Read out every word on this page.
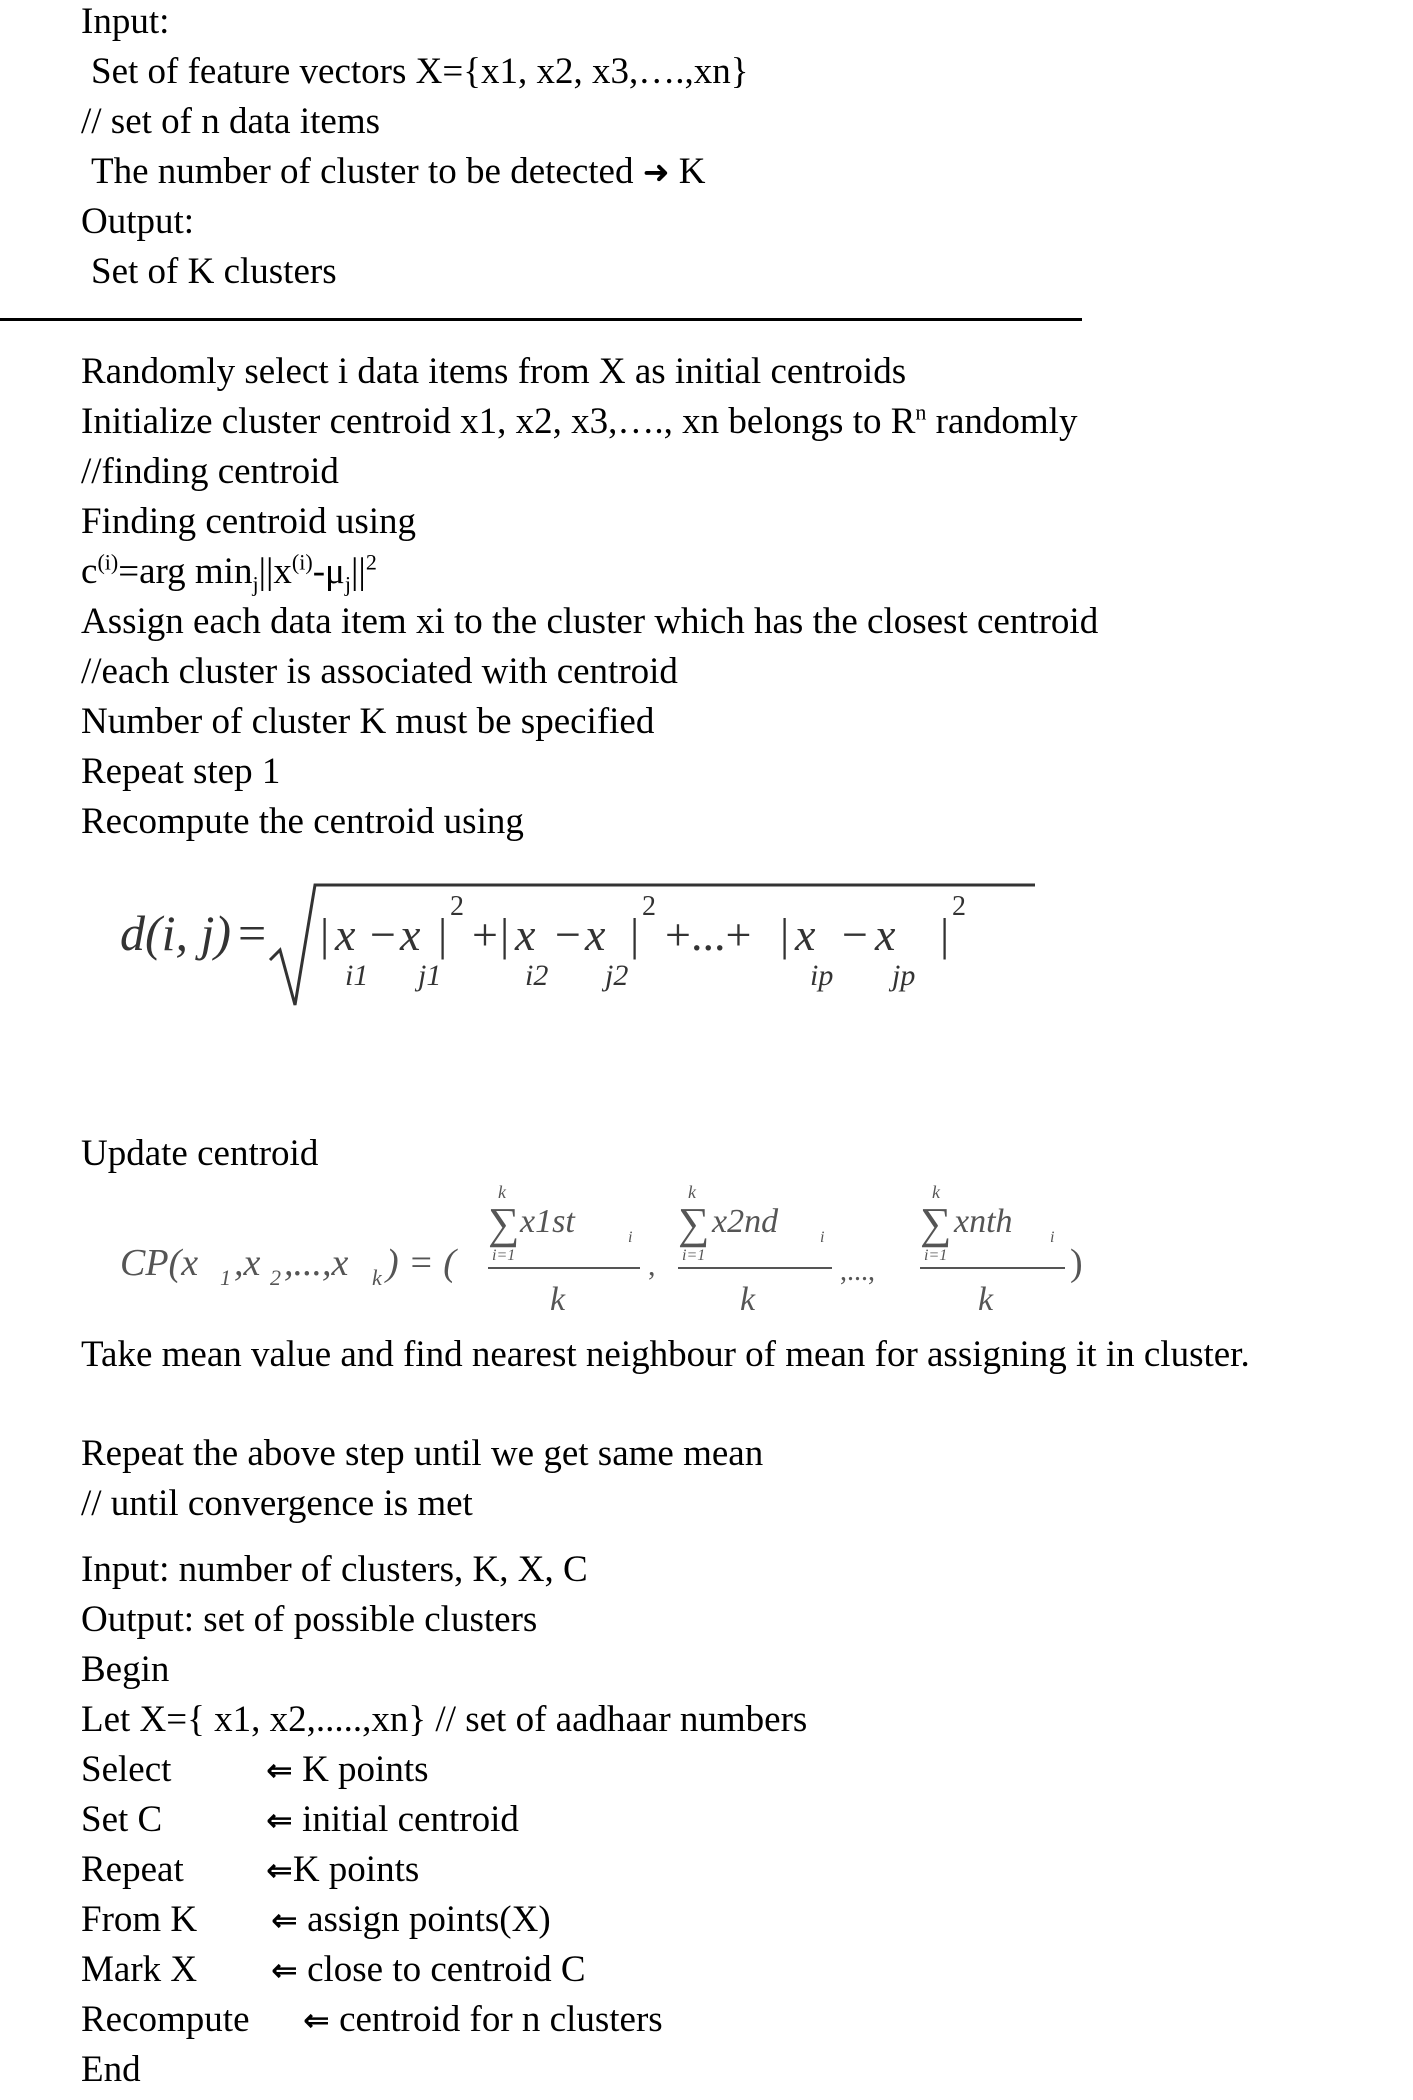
Input:
Set of feature vectors X={x1, x2, x3,….,xn}
// set of n data items
The number of cluster to be detected ➜ K
Output:
Set of K clusters
Randomly select i data items from X as initial centroids
Initialize cluster centroid x1, x2, x3,…., xn belongs to $R^n$ randomly
//finding centroid
Finding centroid using
$c^{(i)}=arg$ $\min_j||x^{(i)}-\mu_j||^2$
Assign each data item xi to the cluster which has the closest centroid
//each cluster is associated with centroid
Number of cluster K must be specified
Repeat step 1
Recompute the centroid using
d(i, j) = | x
i1
− x
j1
|
2
+ | x
i2
− x
j2
|
2
+...+ | x
ip
− x
jp
|
2
Update centroid
CP(x 1 ,x 2 ,...,x k ) = (
k
∑
i=1
x1st	i
k
,
k
∑
i=1
x2nd	i
k
,...,
k
∑
i=1
xnth i
k
)
Take mean value and find nearest neighbour of mean for assigning it in cluster.
Repeat the above step until we get same mean
// until convergence is met
Input: number of clusters, K, X, C
Output: set of possible clusters
Begin
Let X={ x1, x2,.....,xn} // set of aadhaar numbers
Select	⇐ K points
Set C	⇐ initial centroid
Repeat	⇐K points
From K ⇐ assign points(X)
Mark X ⇐ close to centroid C
Recompute ⇐ centroid for n clusters
End
